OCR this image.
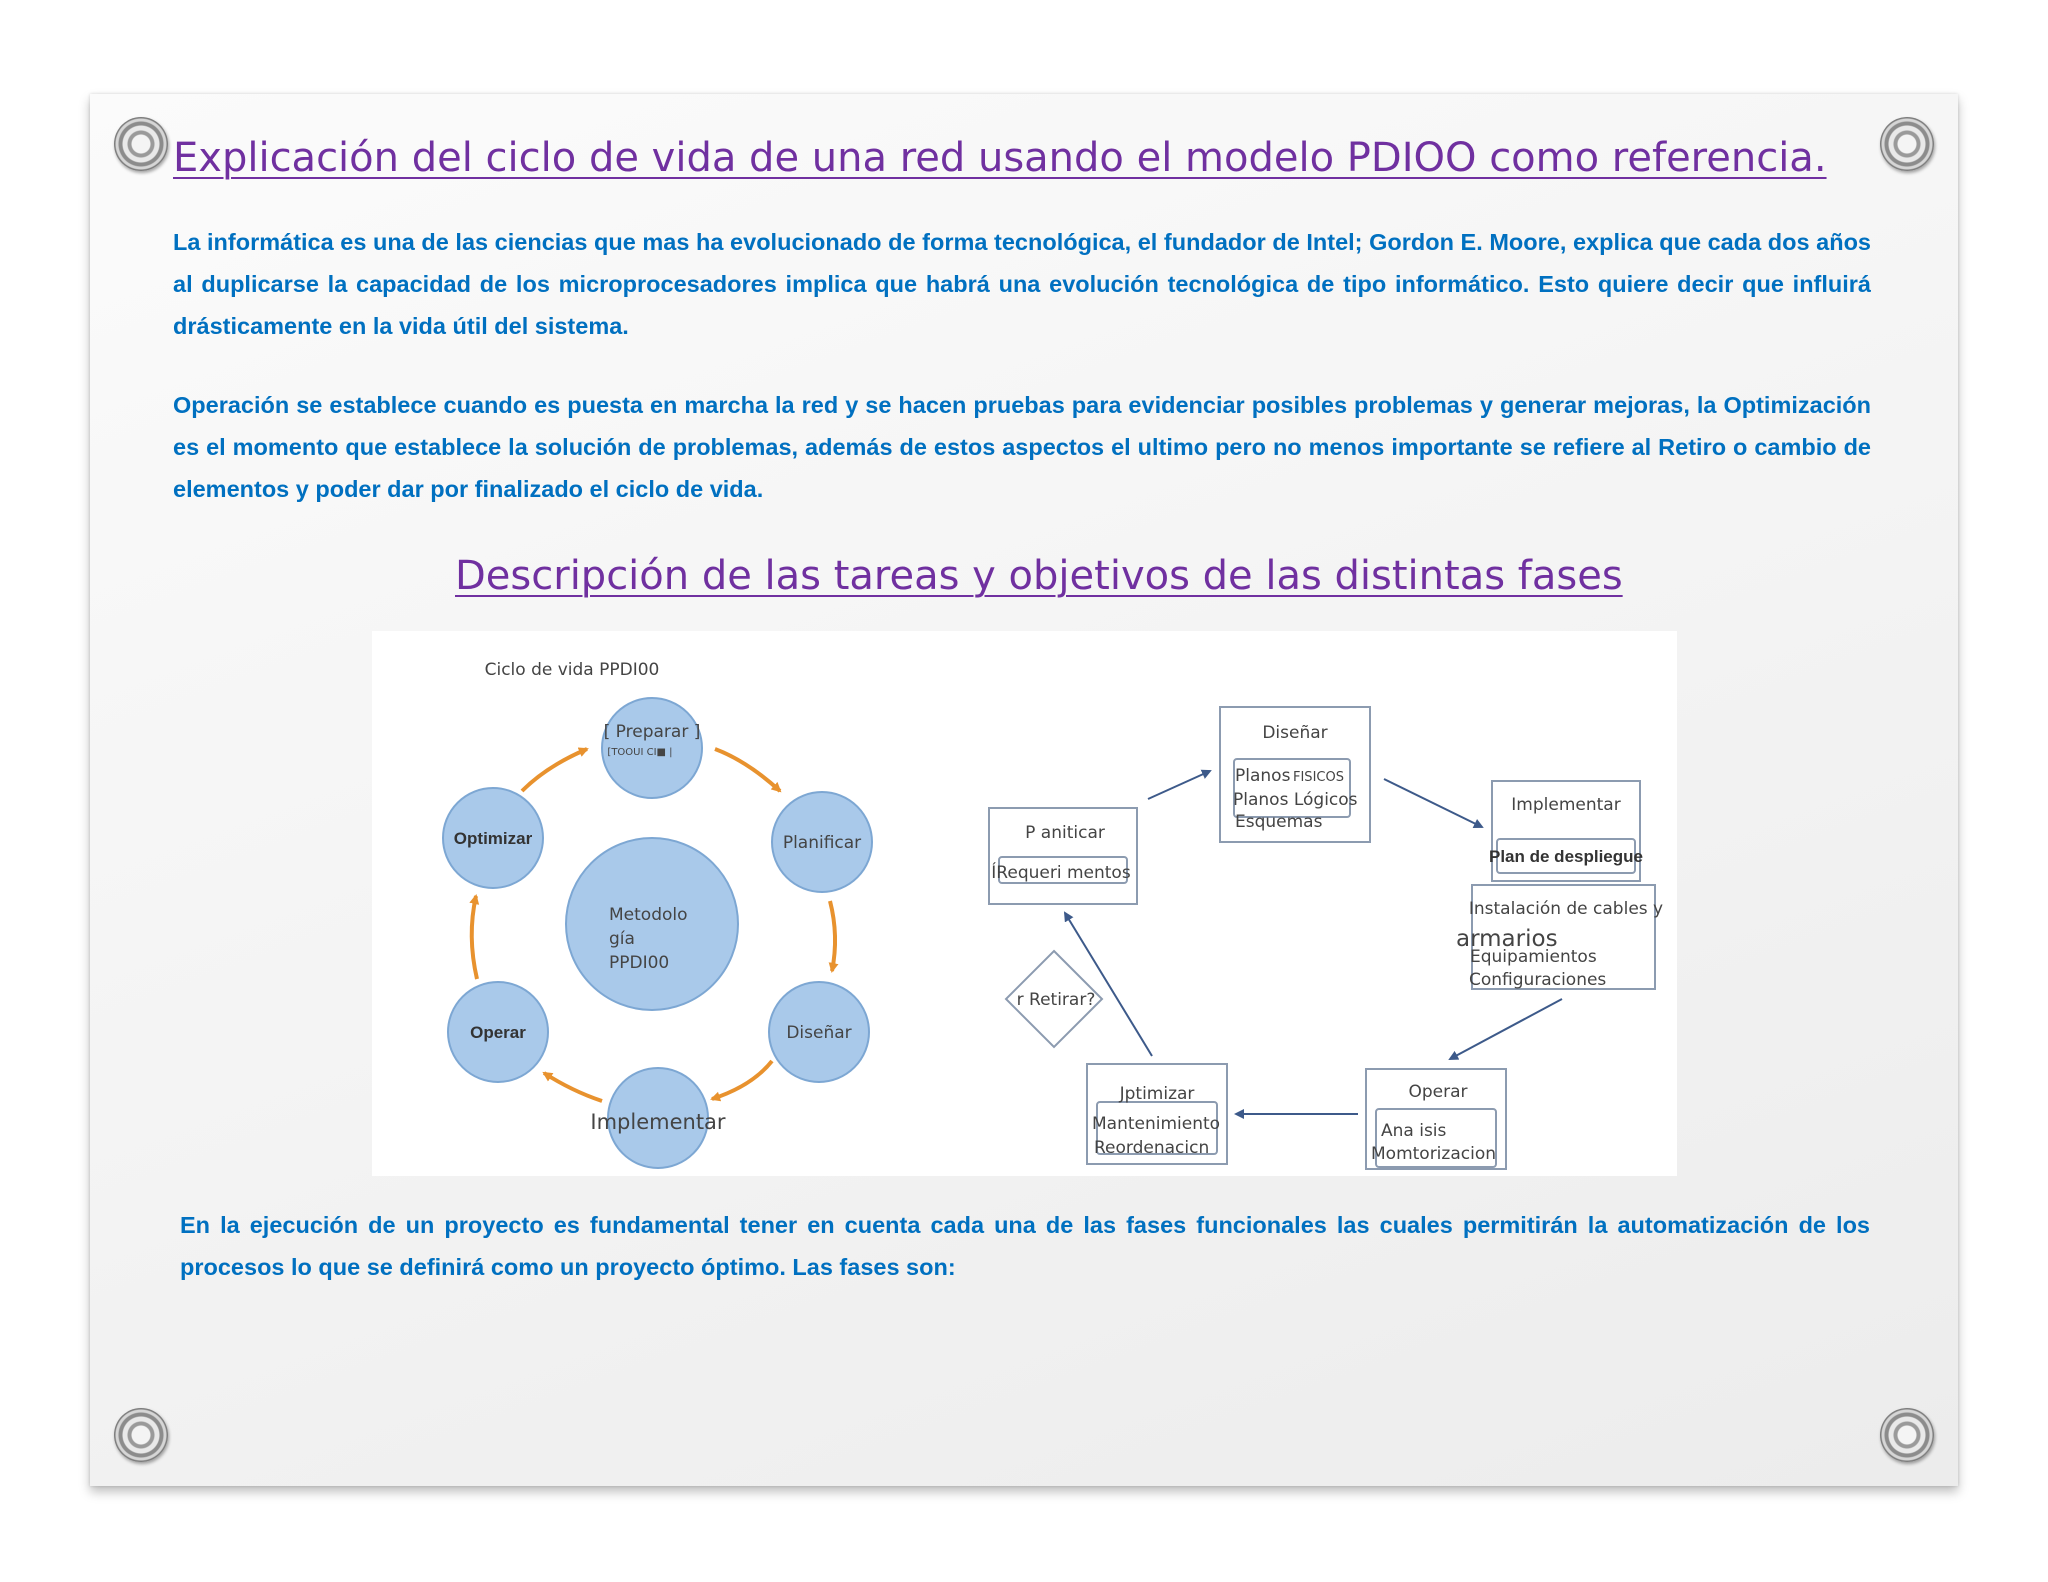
Explicación del ciclo de vida de una red usando el modelo PDIOO como referencia.

La informática es una de las ciencias que mas ha evolucionado de forma tecnológica, el fundador de Intel; Gordon E. Moore, explica que cada dos años al duplicarse la capacidad de los microprocesadores implica que habrá una evolución tecnológica de tipo informático. Esto quiere decir que influirá drásticamente en la vida útil del sistema.

Operación se establece cuando es puesta en marcha la red y se hacen pruebas para evidenciar posibles problemas y generar mejoras, la Optimización es el momento que establece la solución de problemas, además de estos aspectos el ultimo pero no menos importante se refiere al Retiro o cambio de elementos y poder dar por finalizado el ciclo de vida.

Descripción de las tareas y objetivos de las distintas fases
Ciclo de vida PPDI00
[ Preparar ]
[TOOUI CI■ |
Planificar
Diseñar
Implementar
Operar
Optimizar
Metodolo
gía
PPDI00
P aniticar
ÍRequeri mentos
Diseñar
Planos FISICOS
Planos Lógicos
Esquemas
Implementar
Plan de despliegue
Instalación de cables y
armarios
Equipamientos
Configuraciones
Operar
Ana isis
Momtorizacion
Jptimizar
Mantenimiento
Reordenacicn
r Retirar?

En la ejecución de un proyecto es fundamental tener en cuenta cada una de las fases funcionales las cuales permitirán la automatización de los procesos lo que se definirá como un proyecto óptimo. Las fases son:
